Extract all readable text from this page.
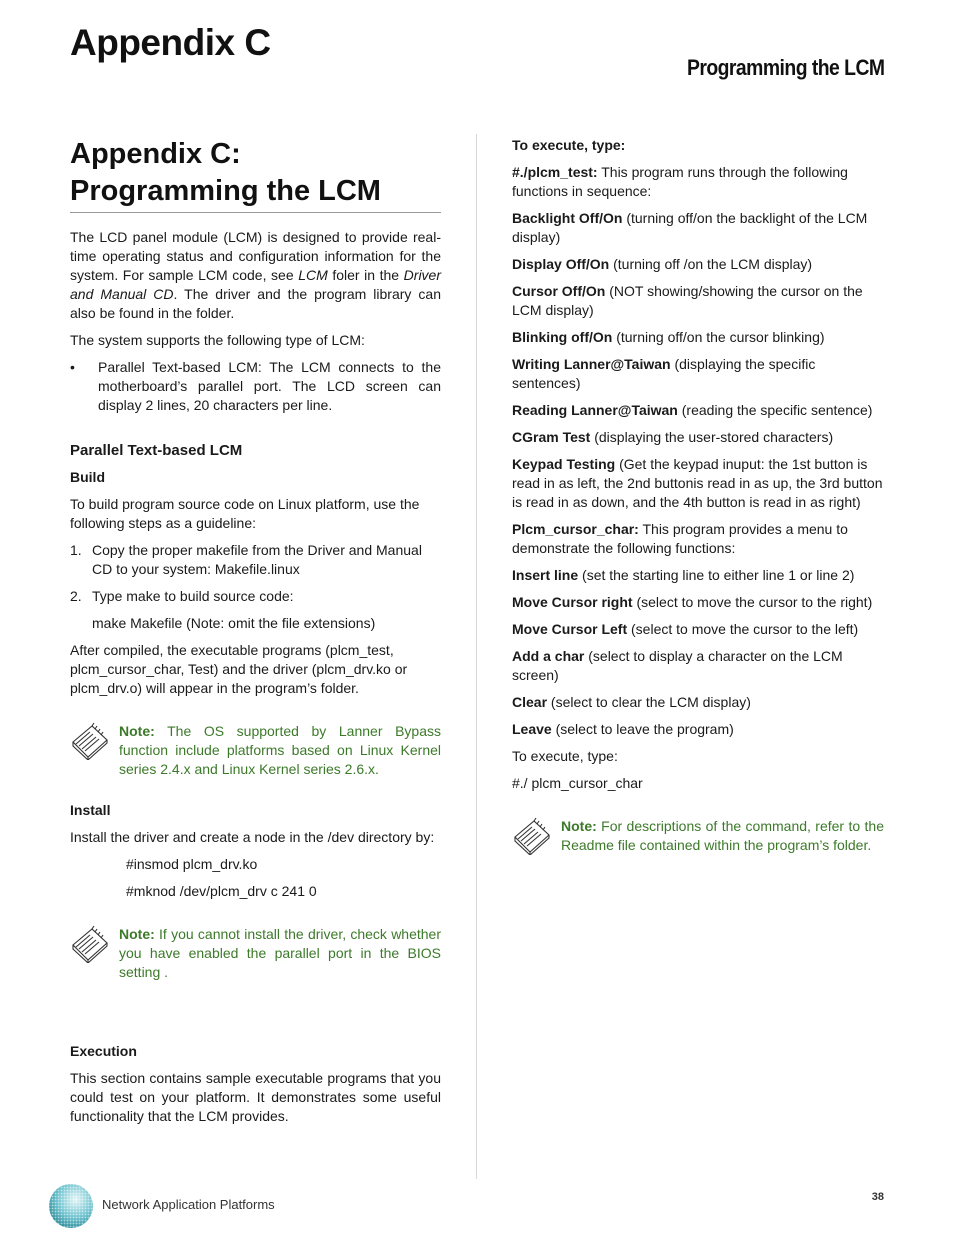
Appendix C
Programming the LCM
Appendix C:
Programming the LCM

The LCD panel module (LCM) is designed to provide real-time operating status and configuration information for the system. For sample LCM code, see LCM foler in the Driver and Manual CD. The driver and the program library can also be found in the folder.

The system supports the following type of LCM:

• Parallel Text-based LCM: The LCM connects to the motherboard’s parallel port. The LCD screen can display 2 lines, 20 characters per line.
Parallel Text-based LCM
Build

To build program source code on Linux platform, use the following steps as a guideline:

1. Copy the proper makefile from the Driver and Manual CD to your system: Makefile.linux
2. Type make to build source code:

make Makefile (Note: omit the file extensions)

After compiled, the executable programs (plcm_test, plcm_cursor_char, Test) and the driver (plcm_drv.ko or plcm_drv.o) will appear in the program’s folder.

Note: The OS supported by Lanner Bypass function include platforms based on Linux Kernel series 2.4.x and Linux Kernel series 2.6.x.
Install

Install the driver and create a node in the /dev directory by:

#insmod plcm_drv.ko

#mknod /dev/plcm_drv c 241 0

Note: If you cannot install the driver, check whether you have enabled the parallel port in the BIOS setting .
Execution

This section contains sample executable programs that you could test on your platform. It demonstrates some useful functionality that the LCM provides.

To execute, type:

#./plcm_test: This program runs through the following functions in sequence:

Backlight Off/On (turning off/on the backlight of the LCM display)

Display Off/On (turning off /on the LCM display)

Cursor Off/On (NOT showing/showing the cursor on the LCM display)

Blinking off/On (turning off/on the cursor blinking)

Writing Lanner@Taiwan (displaying the specific sentences)

Reading Lanner@Taiwan (reading the specific sentence)

CGram Test (displaying the user-stored characters)

Keypad Testing (Get the keypad inuput: the 1st button is read in as left, the 2nd buttonis read in as up, the 3rd button is read in as down, and the 4th button is read in as right)

Plcm_cursor_char: This program provides a menu to demonstrate the following functions:

Insert line (set the starting line to either line 1 or line 2)

Move Cursor right (select to move the cursor to the right)

Move Cursor Left (select to move the cursor to the left)

Add a char (select to display a character on the LCM screen)

Clear (select to clear the LCM display)

Leave (select to leave the program)

To execute, type:

#./ plcm_cursor_char

Note: For descriptions of the command, refer to the Readme file contained within the program’s folder.
Network Application Platforms	38
